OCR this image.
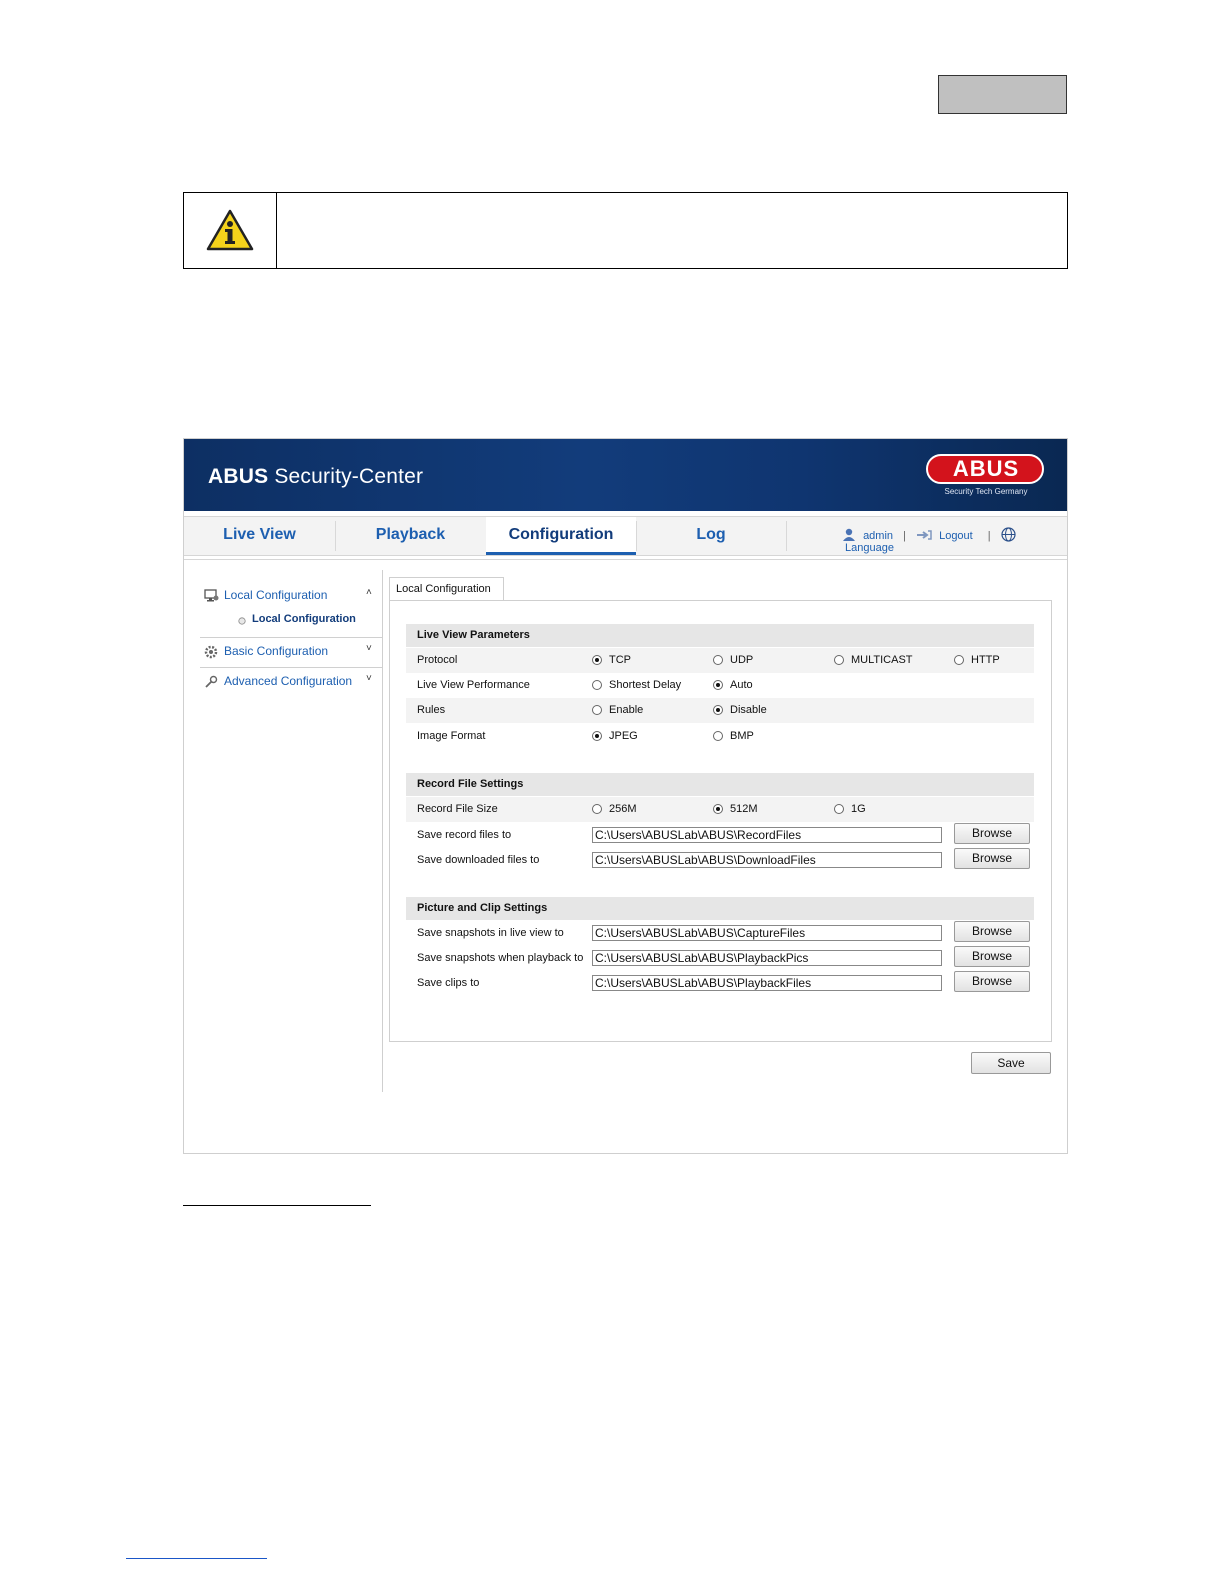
ABUS Security-Center	ABUS
Security Tech Germany
Live View	Playback	Configuration	Log	admin |	Logout |  Language
Local Configuration	˄
Local Configuration
Basic Configuration	˅
Advanced Configuration ˅
Local Configuration
Live View Parameters
Protocol	TCP	UDP	MULTICAST	HTTP
Live View Performance	Shortest Delay	Auto
Rules	Enable	Disable
Image Format	JPEG	BMP
Record File Settings
Record File Size	256M	512M	1G
Save record files to	C:\Users\ABUSLab\ABUS\RecordFiles	Browse
Save downloaded files to	C:\Users\ABUSLab\ABUS\DownloadFiles	Browse
Picture and Clip Settings
Save snapshots in live view to	C:\Users\ABUSLab\ABUS\CaptureFiles	Browse
Save snapshots when playback to C:\Users\ABUSLab\ABUS\PlaybackPics	Browse
Save clips to	C:\Users\ABUSLab\ABUS\PlaybackFiles	Browse
Save
